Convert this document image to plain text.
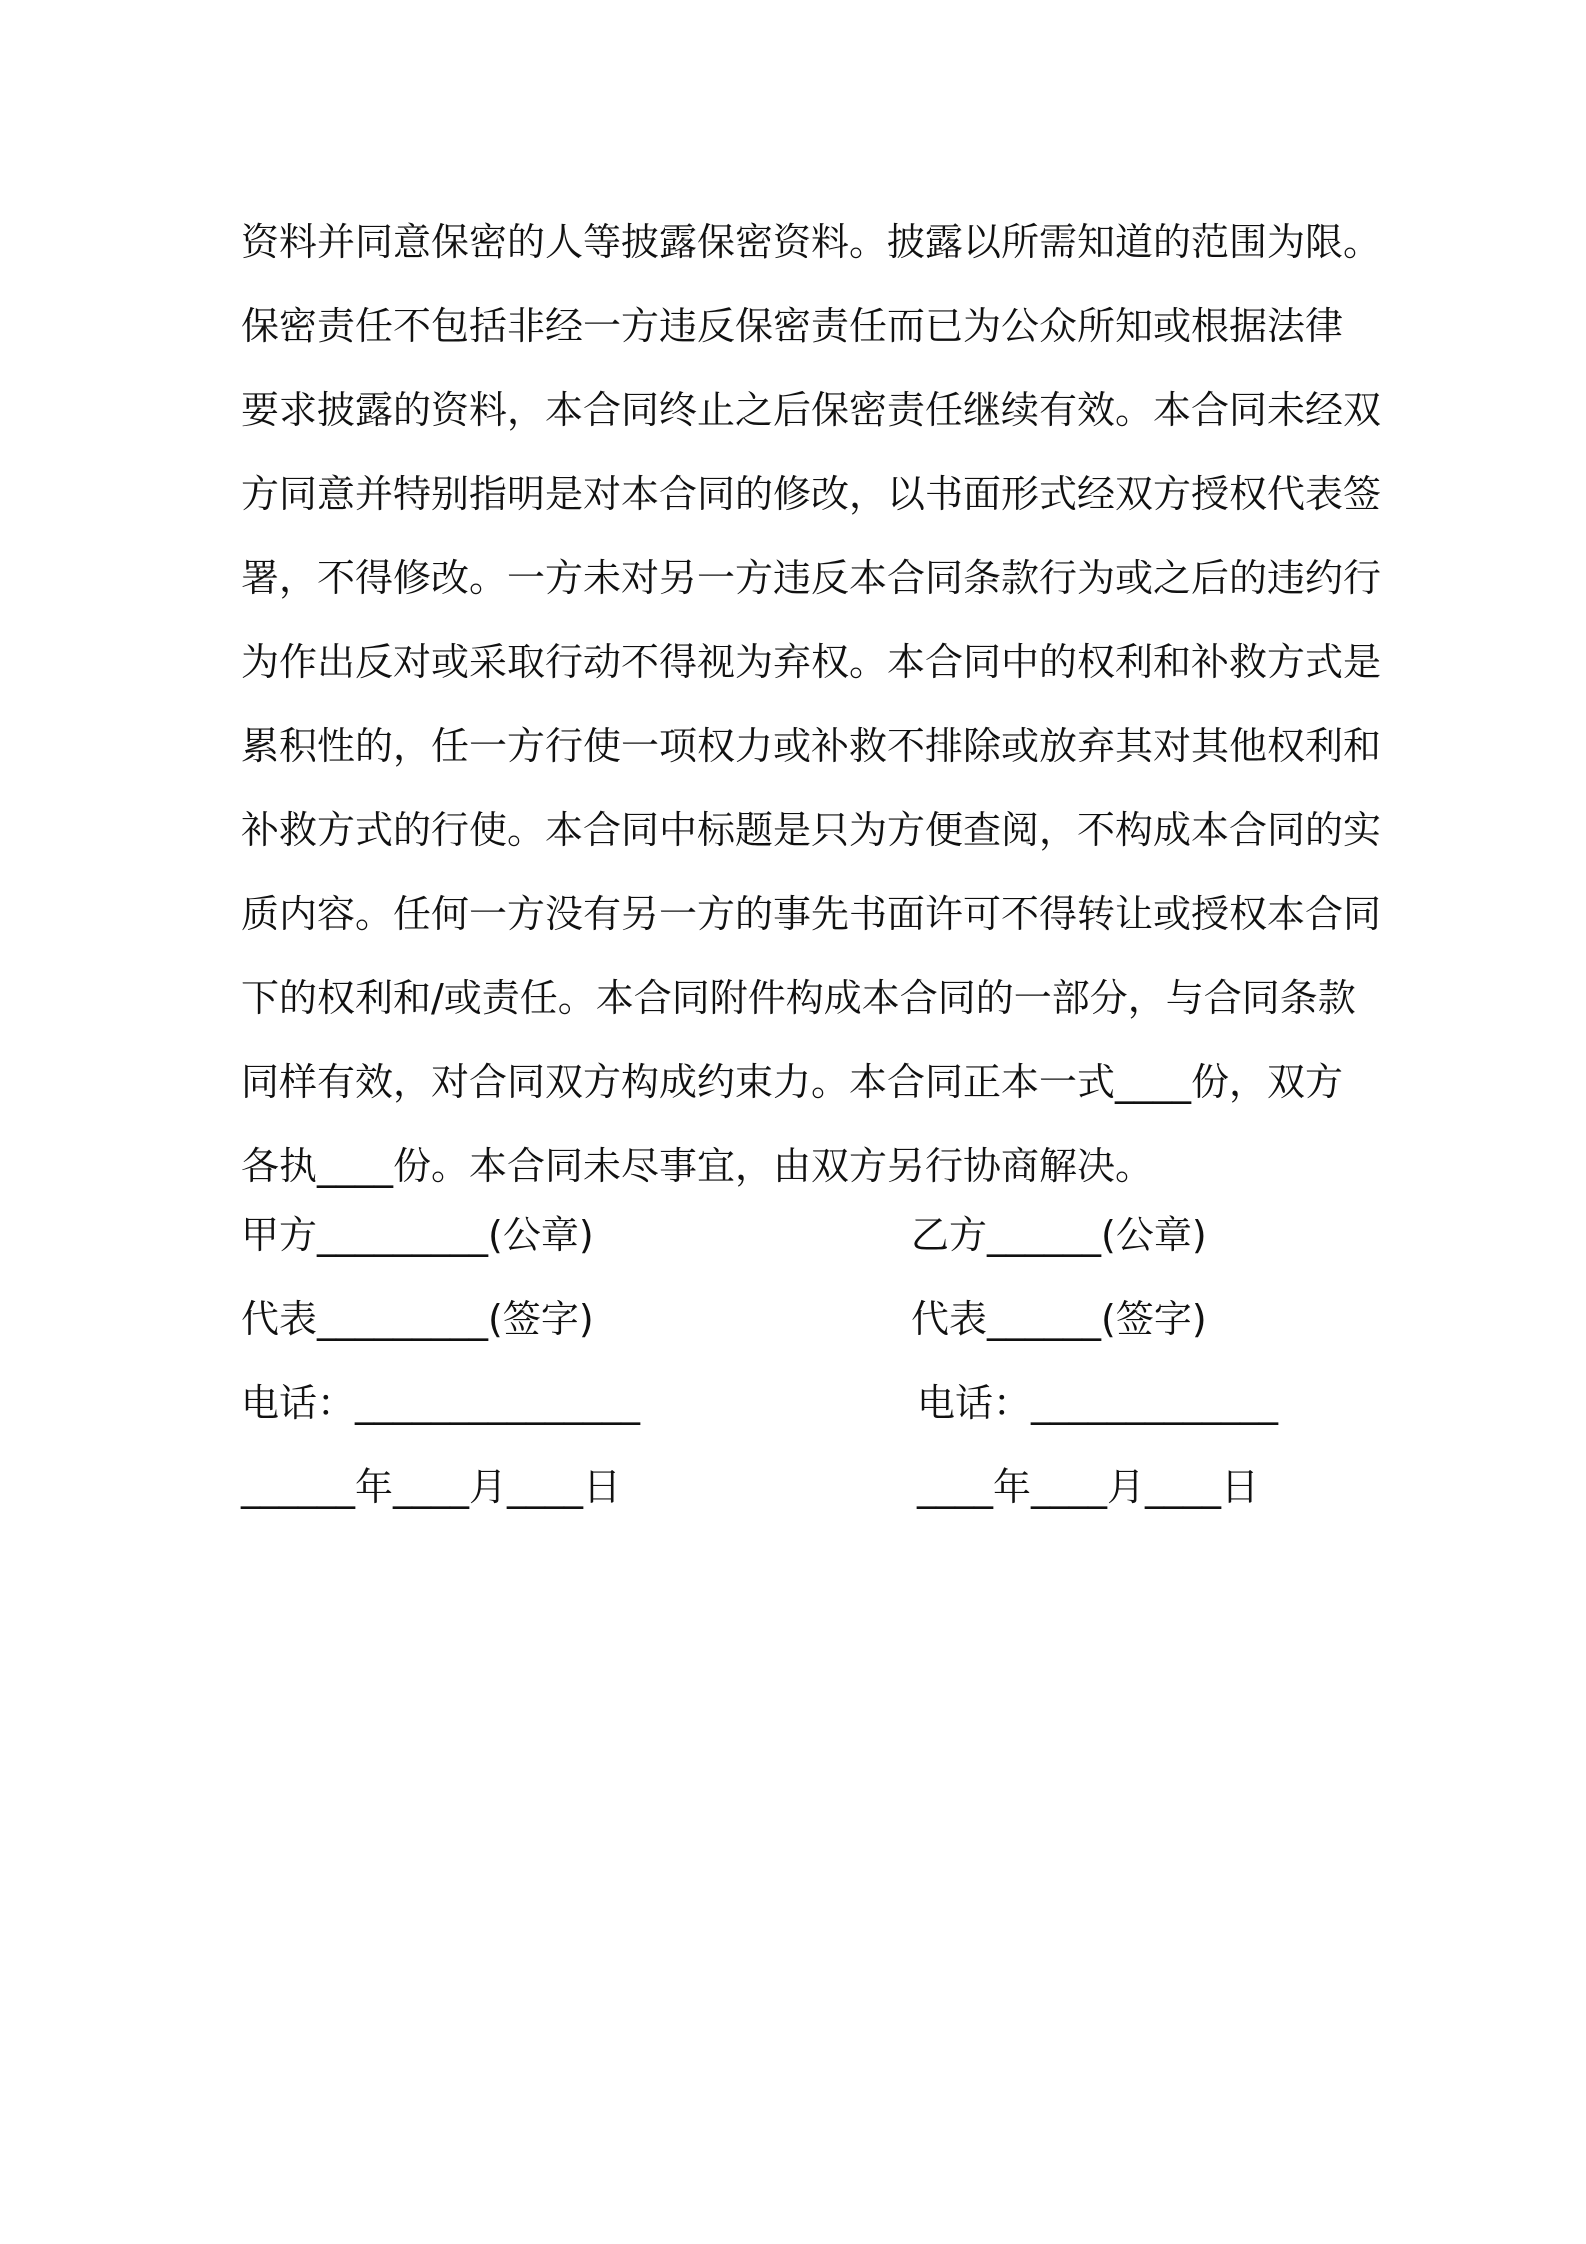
资料并同意保密的人等披露保密资料。披露以所需知道的范围为限。
保密责任不包括非经一方违反保密责任而已为公众所知或根据法律
要求披露的资料，本合同终止之后保密责任继续有效。本合同未经双
方同意并特别指明是对本合同的修改，以书面形式经双方授权代表签
署，不得修改。一方未对另一方违反本合同条款行为或之后的违约行
为作出反对或采取行动不得视为弃权。本合同中的权利和补救方式是
累积性的，任一方行使一项权力或补救不排除或放弃其对其他权利和
补救方式的行使。本合同中标题是只为方便查阅，不构成本合同的实
质内容。任何一方没有另一方的事先书面许可不得转让或授权本合同
下的权利和/或责任。本合同附件构成本合同的一部分，与合同条款
同样有效，对合同双方构成约束力。本合同正本一式____份，双方
各执____份。本合同未尽事宜，由双方另行协商解决。
甲方_________(公章)	乙方______(公章)
代表_________(签字)	代表______(签字)
电话：_______________	电话：_____________
______年____月____日	____年____月____日
